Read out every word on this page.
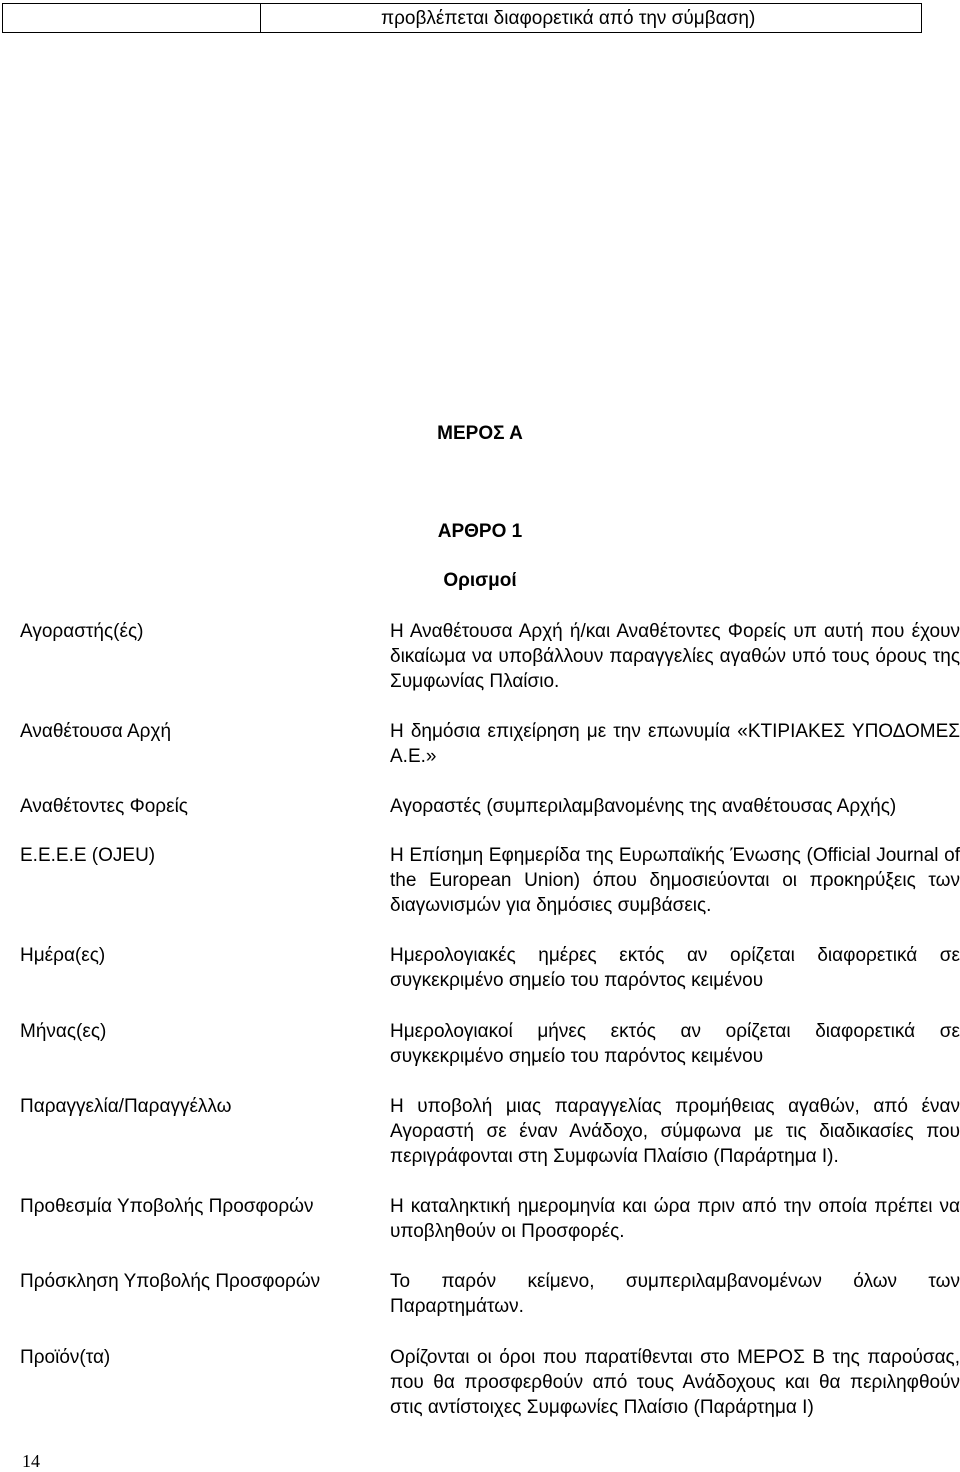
προβλέπεται διαφορετικά από την σύμβαση)
ΜΕΡΟΣ Α
ΑΡΘΡΟ 1
Ορισμοί
Αγοραστής(ές)	Η Αναθέτουσα Αρχή ή/και Αναθέτοντες Φορείς υπ αυτή που έχουν δικαίωμα να υποβάλλουν παραγγελίες αγαθών υπό τους όρους της Συμφωνίας Πλαίσιο.
Αναθέτουσα Αρχή	Η δημόσια επιχείρηση με την επωνυμία «ΚΤΙΡΙΑΚΕΣ ΥΠΟΔΟΜΕΣ Α.Ε.»
Αναθέτοντες Φορείς	Αγοραστές (συμπεριλαμβανομένης της αναθέτουσας Αρχής)
Ε.Ε.Ε.Ε (OJEU)	Η Επίσημη Εφημερίδα της Ευρωπαϊκής Ένωσης (Official Journal of the European Union) όπου δημοσιεύονται οι προκηρύξεις των διαγωνισμών για δημόσιες συμβάσεις.
Ημέρα(ες)	Ημερολογιακές ημέρες εκτός αν ορίζεται διαφορετικά σε συγκεκριμένο σημείο του παρόντος κειμένου
Μήνας(ες)	Ημερολογιακοί μήνες εκτός αν ορίζεται διαφορετικά σε συγκεκριμένο σημείο του παρόντος κειμένου
Παραγγελία/Παραγγέλλω	Η υποβολή μιας παραγγελίας προμήθειας αγαθών, από έναν Αγοραστή σε έναν Ανάδοχο, σύμφωνα με τις διαδικασίες που περιγράφονται στη Συμφωνία Πλαίσιο (Παράρτημα Ι).
Προθεσμία Υποβολής Προσφορών	Η καταληκτική ημερομηνία και ώρα πριν από την οποία πρέπει να υποβληθούν οι Προσφορές.
Πρόσκληση Υποβολής Προσφορών	Το παρόν κείμενο, συμπεριλαμβανομένων όλων των Παραρτημάτων.
Προϊόν(τα)	Ορίζονται οι όροι που παρατίθενται στο ΜΕΡΟΣ Β της παρούσας, που θα προσφερθούν από τους Ανάδοχους και θα περιληφθούν στις αντίστοιχες Συμφωνίες Πλαίσιο (Παράρτημα Ι)
14
